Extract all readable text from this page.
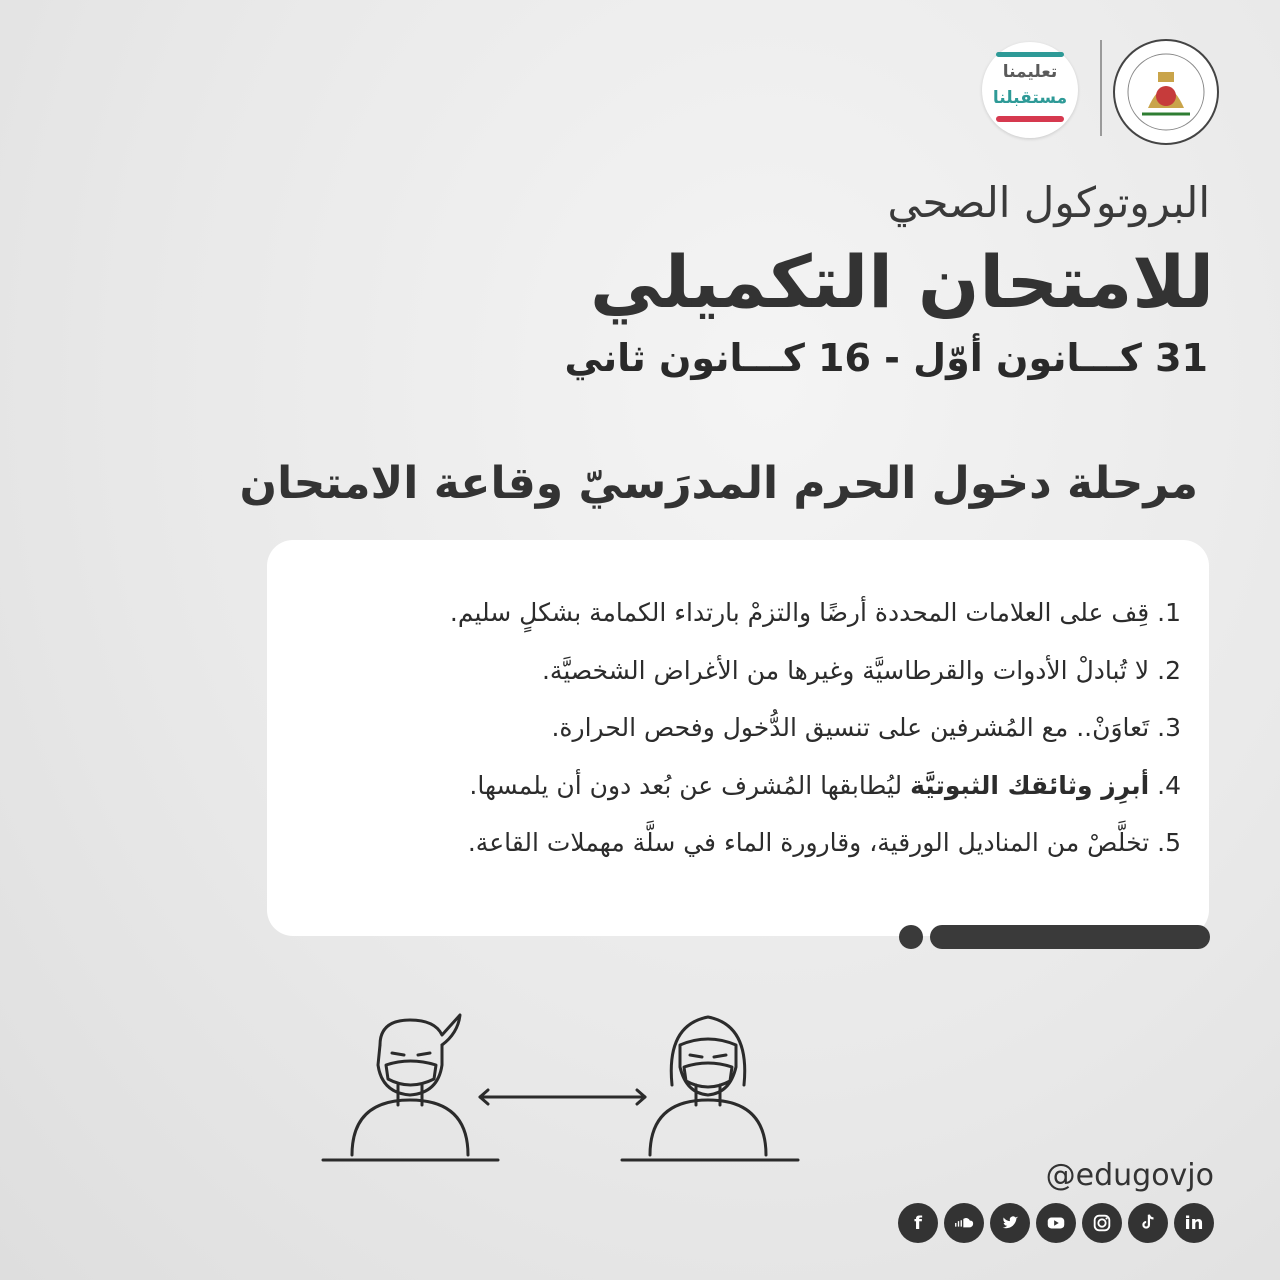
تعليمنا
مستقبلنا
البروتوكول الصحي
للامتحان التكميلي
31 كـــانون أوّل - 16 كـــانون ثاني
مرحلة دخول الحرم المدرَسيّ وقاعة الامتحان
1. قِف على العلامات المحددة أرضًا والتزمْ بارتداء الكمامة بشكلٍ سليم.
2. لا تُبادلْ الأدوات والقرطاسيَّة وغيرها من الأغراض الشخصيَّة.
3. تَعاوَنْ.. مع المُشرفين على تنسيق الدُّخول وفحص الحرارة.
4. أبرِز وثائقك الثبوتيَّة ليُطابقها المُشرف عن بُعد دون أن يلمسها.
5. تخلَّصْ من المناديل الورقية، وقارورة الماء في سلَّة مهملات القاعة.
@edugovjo
in
f
